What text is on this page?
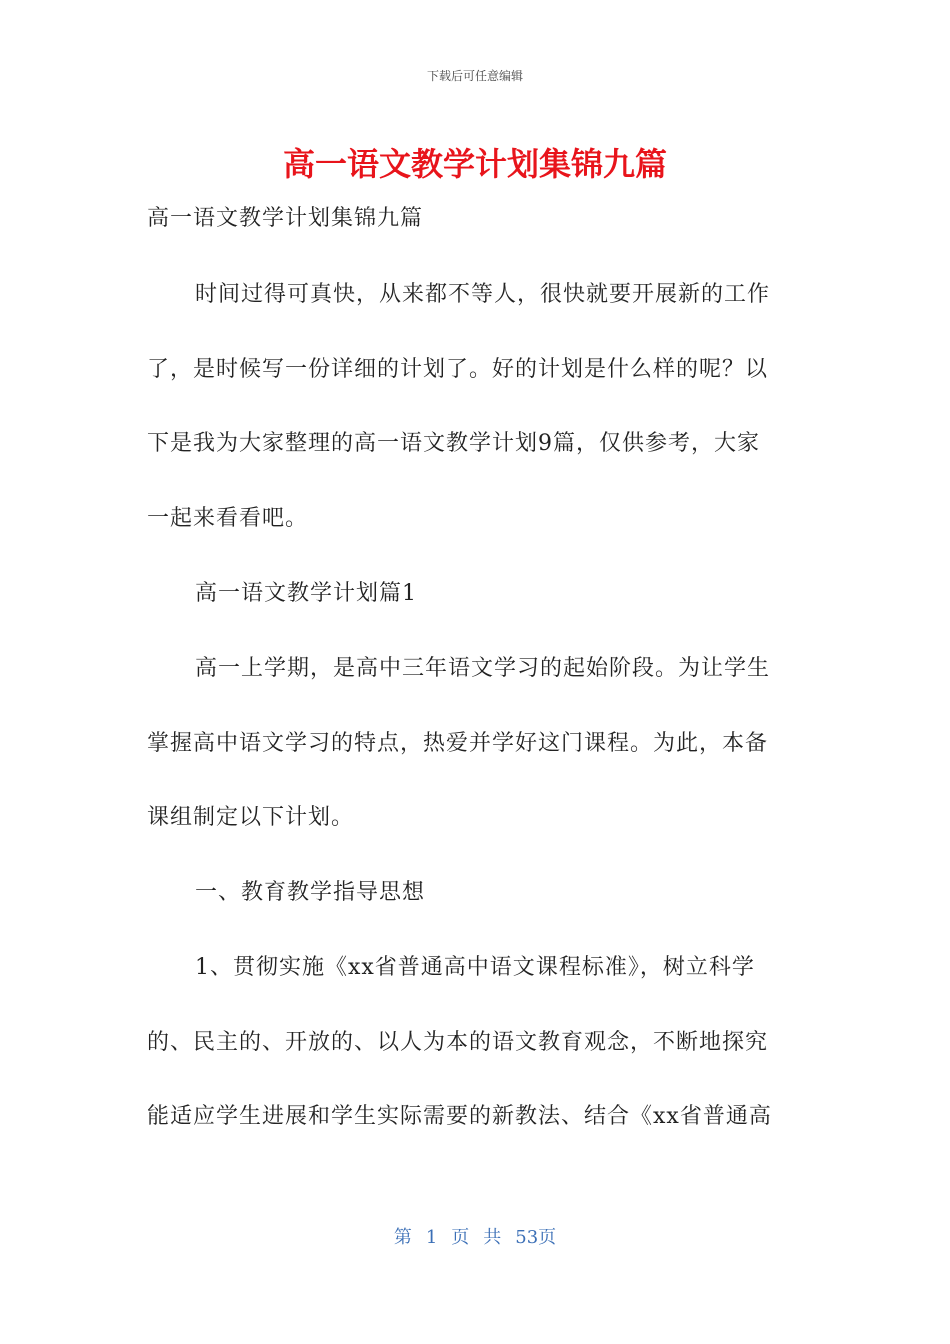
下载后可任意编辑
高一语文教学计划集锦九篇
高一语文教学计划集锦九篇
时间过得可真快，从来都不等人，很快就要开展新的工作
了，是时候写一份详细的计划了。好的计划是什么样的呢？以
下是我为大家整理的高一语文教学计划9篇，仅供参考，大家
一起来看看吧。
高一语文教学计划篇1
高一上学期，是高中三年语文学习的起始阶段。为让学生
掌握高中语文学习的特点，热爱并学好这门课程。为此，本备
课组制定以下计划。
一、教育教学指导思想
1、贯彻实施《xx省普通高中语文课程标准》，树立科学
的、民主的、开放的、以人为本的语文教育观念，不断地探究
能适应学生进展和学生实际需要的新教法、结合《xx省普通高
第 1 页 共 53页
